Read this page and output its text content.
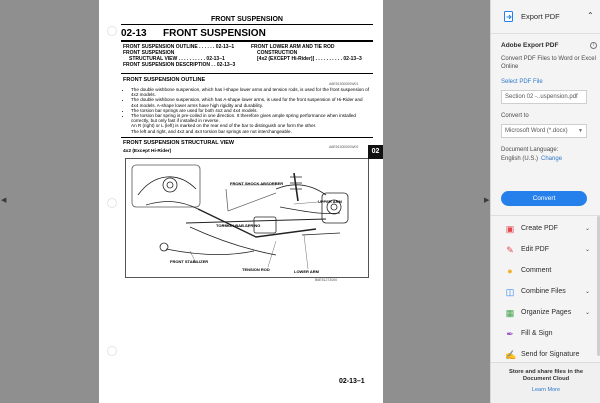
◀	▶
FRONT SUSPENSION
02-13 FRONT SUSPENSION
FRONT SUSPENSION OUTLINE . . . . . . 02-13–1
FRONT SUSPENSION
STRUCTURAL VIEW . . . . . . . . . . 02-13–1
FRONT SUSPENSION DESCRIPTION . . 02-13–3
FRONT LOWER ARM AND TIE ROD
CONSTRUCTION
[4x2 (EXCEPT Hi-Rider)] . . . . . . . . . . 02-13–3
FRONT SUSPENSION OUTLINE
A6E51300000W01
• The double wishbone suspension, which has l-shape lower arms and tension rods, is used for the front suspension of 4x2 models.
• The double wishbone suspension, which has A-shape lower arms, is used for the front suspension of Hi-Rider and 4x4 models. A-shape lower arms have high rigidity and durability.
• The torsion bar springs are used for both 4x2 and 4x4 models.
• The torsion bar spring is pre-coiled in one direction. It therefore gives ample spring performance when installed correctly, but only fast if installed in reverse.
An R (right) or L (left) is marked on the rear end of the bar to distinguish one form the other.
The left and right, and 4x2 and 4x4 torsion bar springs are not interchangeable.
FRONT SUSPENSION STRUCTURAL VIEW
A6E51300000W02
4x2 (Except Hi-Rider)
FRONT SHOCK ABSORBER
UPPER ARM
TORSION BAR SPRING
FRONT STABILIZER
TENSION ROD	LOWER ARM
B6E51273000
02-13–1
02
Export PDF	⌃
Adobe Export PDF	i
Convert PDF Files to Word or Excel Online
Select PDF File
Section 02 -..uspension.pdf
Convert to
Microsoft Word (*.docx) ▼
Document Language:
English (U.S.) Change
Convert
▣ Create PDF	⌄
✎ Edit PDF	⌄
●	Comment
◫ Combine Files	⌄
▦ Organize Pages ⌄
✒ Fill & Sign
✍ Send for Signature
Store and share files in the Document Cloud
Learn More
